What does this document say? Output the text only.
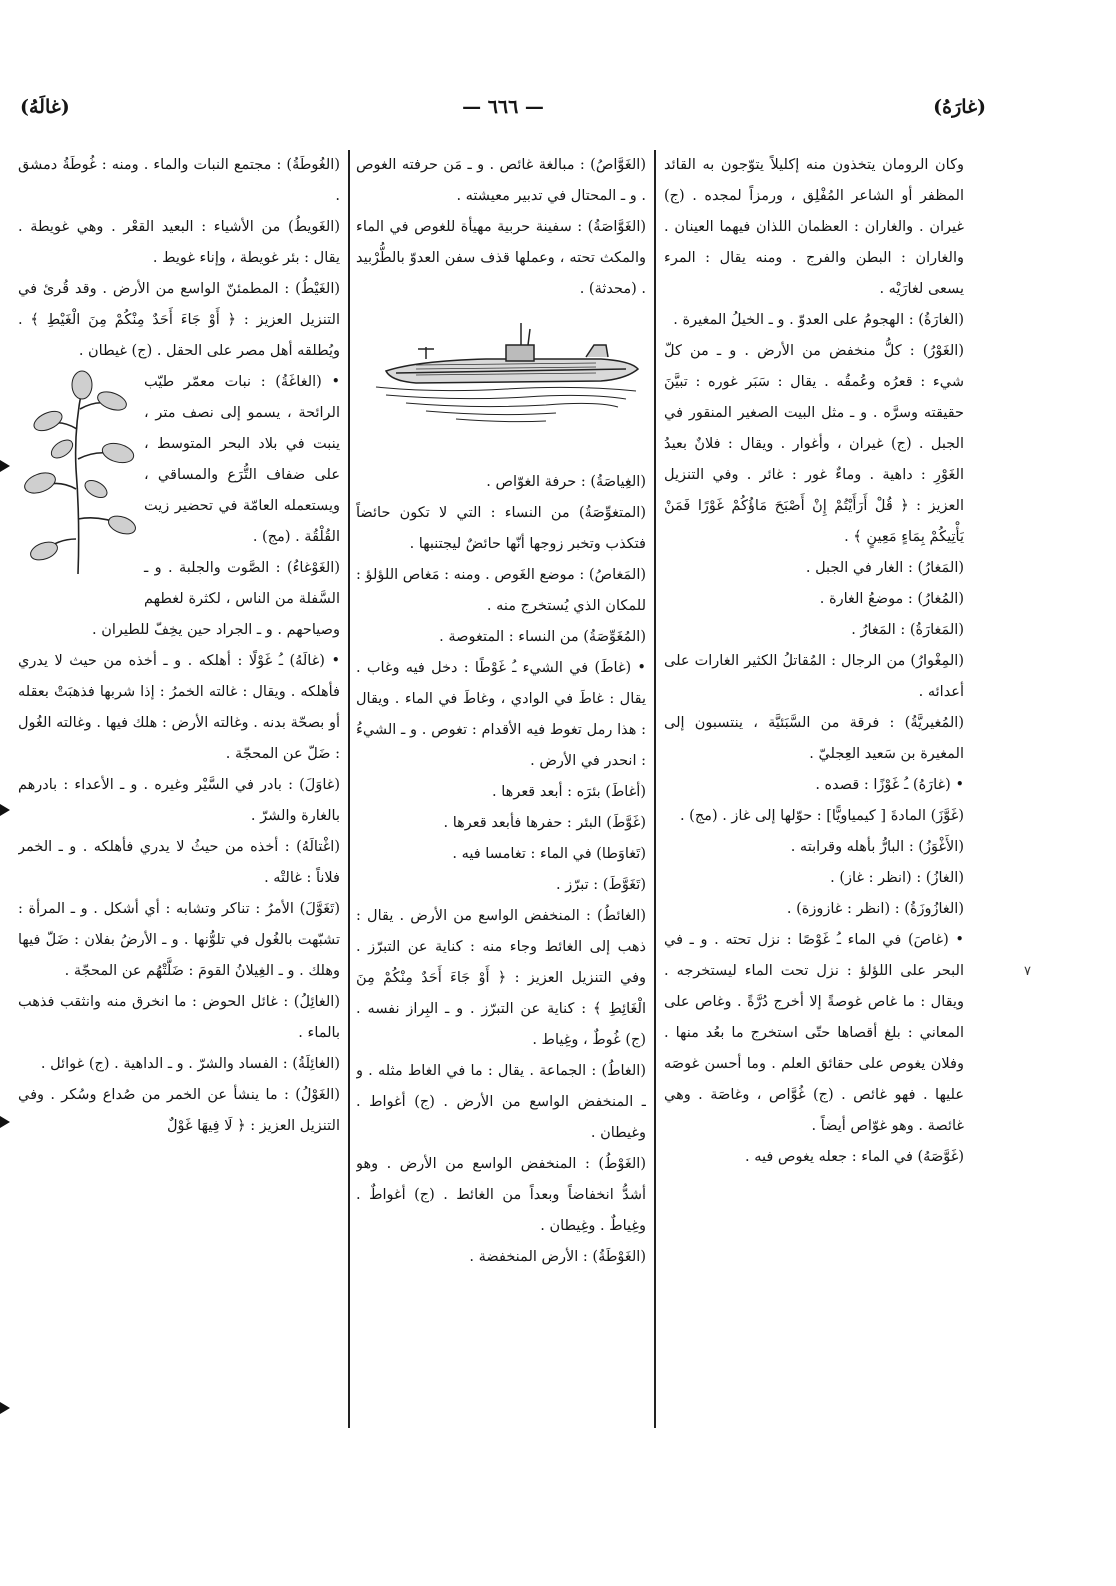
(غارَهُ)
— ٦٦٦ —
(غالَهُ)

وكان الرومان يتخذون منه إكليلاً يتوّجون به القائد المظفر أو الشاعر المُفْلِق ، ورمزاً لمجده . (ج) غيران . والغاران : العظمان اللذان فيهما العينان . والغاران : البطن والفرج . ومنه يقال : المرء يسعى لغارَيْه .

(الغارَةُ) : الهجومُ على العدوّ . و ـ الخيلُ المغيرة .

(الغَوْرُ) : كلُّ منخفض من الأرض . و ـ من كلّ شيء : قعرُه وعُمقُه . يقال : سَبَر غوره : تبيَّنَ حقيقته وسرَّه . و ـ مثل البيت الصغير المنقور في الجبل . (ج) غيران ، وأغوار . ويقال : فلانٌ بعيدُ الغَوْرِ : داهية . وماءٌ غور : غائر . وفي التنزيل العزيز : ﴿ قُلْ أَرَأَيْتُمْ إِنْ أَصْبَحَ مَاؤُكُمْ غَوْرًا فَمَنْ يَأْتِيكُمْ بِمَاءٍ مَعِينٍ ﴾ .

(المَغارُ) : الغار في الجبل .

(المُغارُ) : موضعُ الغارة .

(المَغارَةُ) : المَغارُ .

(المِغْوارُ) من الرجال : المُقاتلُ الكثير الغارات على أعدائه .

(المُغيريَّةُ) : فرقة من السَّبَئيَّة ، ينتسبون إلى المغيرة بن سَعيد العِجليّ .

• (غارَهُ) ـُ غَوْزًا : قصده .

(غَوَّزَ) المادةَ [ كيمياويًّا] : حوّلها إلى غاز . (مج) .

(الأَغْوَزُ) : البارُّ بأهله وقرابته .

(الغازُ) : (انظر : غاز) .

(الغازُوزَةُ) : (انظر : غازوزة) .

• (غاصَ) في الماء ـُ غَوْصًا : نزل تحته . و ـ في البحر على اللؤلؤ : نزل تحت الماء ليستخرجه . ويقال : ما غاص غوصةً إلا أخرج دُرَّةً . وغاص على المعاني : بلغ أقصاها حتّى استخرج ما بعُد منها . وفلان يغوص على حقائق العلم . وما أحسن غوصَه عليها . فهو غائص . (ج) غُوَّاص ، وغاصَة . وهي غائصة . وهو غوّاص أيضاً .

(غَوَّصَهُ) في الماء : جعله يغوص فيه .

(الغَوَّاصُ) : مبالغة غائص . و ـ مَن حرفته الغوص . و ـ المحتال في تدبير معيشته .

(الغَوَّاصَةُ) : سفينة حربية مهيأة للغوص في الماء والمكث تحته ، وعملها قذف سفن العدوّ بالطُّرْبيد . (محدثة) .

(الغِياصَةُ) : حرفة الغوّاص .

(المتغوِّصَةُ) من النساء : التي لا تكون حائضاً فتكذب وتخبر زوجها أنّها حائضٌ ليجتنبها .

(المَغاصُ) : موضع الغَوص . ومنه : مَغاص اللؤلؤ : للمكان الذي يُستخرج منه .

(المُغَوِّصَةُ) من النساء : المتغوصة .

• (غاطَ) في الشيء ـُ غَوْطًا : دخل فيه وغاب . يقال : غاطَ في الوادي ، وغاطَ في الماء . ويقال : هذا رمل تغوط فيه الأقدام : تغوص . و ـ الشيءُ : انحدر في الأرض .

(أغاطَ) بئرَه : أبعد قعرها .

(غَوَّطَ) البئر : حفرها فأبعد قعرها .

(تَغاوَطا) في الماء : تغامسا فيه .

(تَغَوَّطَ) : تبرّز .

(الغائطُ) : المنخفض الواسع من الأرض . يقال : ذهب إلى الغائط وجاء منه : كناية عن التبرّز . وفي التنزيل العزيز : ﴿ أَوْ جَاءَ أَحَدٌ مِنْكُمْ مِنَ الْغَائِطِ ﴾ : كناية عن التبرّز . و ـ البِراز نفسه . (ج) غُوطٌ ، وغِياط .

(الغاطُ) : الجماعة . يقال : ما في الغاط مثله . و ـ المنخفض الواسع من الأرض . (ج) أغواط . وغيطان .

(الغَوْطُ) : المنخفض الواسع من الأرض . وهو أشدُّ انخفاضاً وبعداً من الغائط . (ج) أغواطٌ . وغِياطٌ . وغِيطان .

(الغَوْطَةُ) : الأرض المنخفضة .

(الغُوطَةُ) : مجتمع النبات والماء . ومنه : غُوطَةُ دمشق .

(الغَويطُ) من الأشياء : البعيد القعْر . وهي غويطة . يقال : بئر غويطة ، وإناء غويط .

(الغَيْطُ) : المطمئنّ الواسع من الأرض . وقد قُرئ في التنزيل العزيز : ﴿ أَوْ جَاءَ أَحَدٌ مِنْكُمْ مِنَ الْغَيْطِ ﴾ . ويُطلقه أهل مصر على الحقل . (ج) غيطان .

• (الغاغَةُ) : نبات معمّر طيّب الرائحة ، يسمو إلى نصف متر ، ينبت في بلاد البحر المتوسط ، على ضفاف التُّرَع والمساقي ، ويستعمله العامّة في تحضير زيت القُلْقُة . (مج) .

(الغَوْغاءُ) : الصَّوت والجلبة . و ـ السَّفلة من الناس ، لكثرة لغطهم وصياحهم . و ـ الجراد حين يخِفّ للطيران .

• (غالَهُ) ـُ غَوْلًا : أهلكه . و ـ أخذه من حيث لا يدري فأهلكه . ويقال : غالته الخمرُ : إذا شربها فذهبَتْ بعقله أو بصحّة بدنه . وغالته الأرض : هلك فيها . وغالته الغُول : ضَلّ عن المحجّة .

(غاوَلَ) : بادر في السَّيْر وغيره . و ـ الأعداء : بادرهم بالغارة والشرّ .

(اغْتالَهُ) : أخذه من حيثُ لا يدري فأهلكه . و ـ الخمر فلاناً : غالتْه .

(تَغَوَّلَ) الأمرُ : تناكر وتشابه : أي أشكل . و ـ المرأة : تشبّهت بالغُول في تلوُّنها . و ـ الأرضُ بفلان : ضَلّ فيها وهلك . و ـ الغِيلانُ القومَ : ضَلَّتْهُم عن المحجّة .

(الغائِلُ) : غائل الحوض : ما انخرق منه وانثقب فذهب بالماء .

(الغائِلَةُ) : الفساد والشرّ . و ـ الداهية . (ج) غوائل .

(الغَوْلُ) : ما ينشأ عن الخمر من صُداع وسُكر . وفي التنزيل العزيز : ﴿ لَا فِيهَا غَوْلٌ

٧
